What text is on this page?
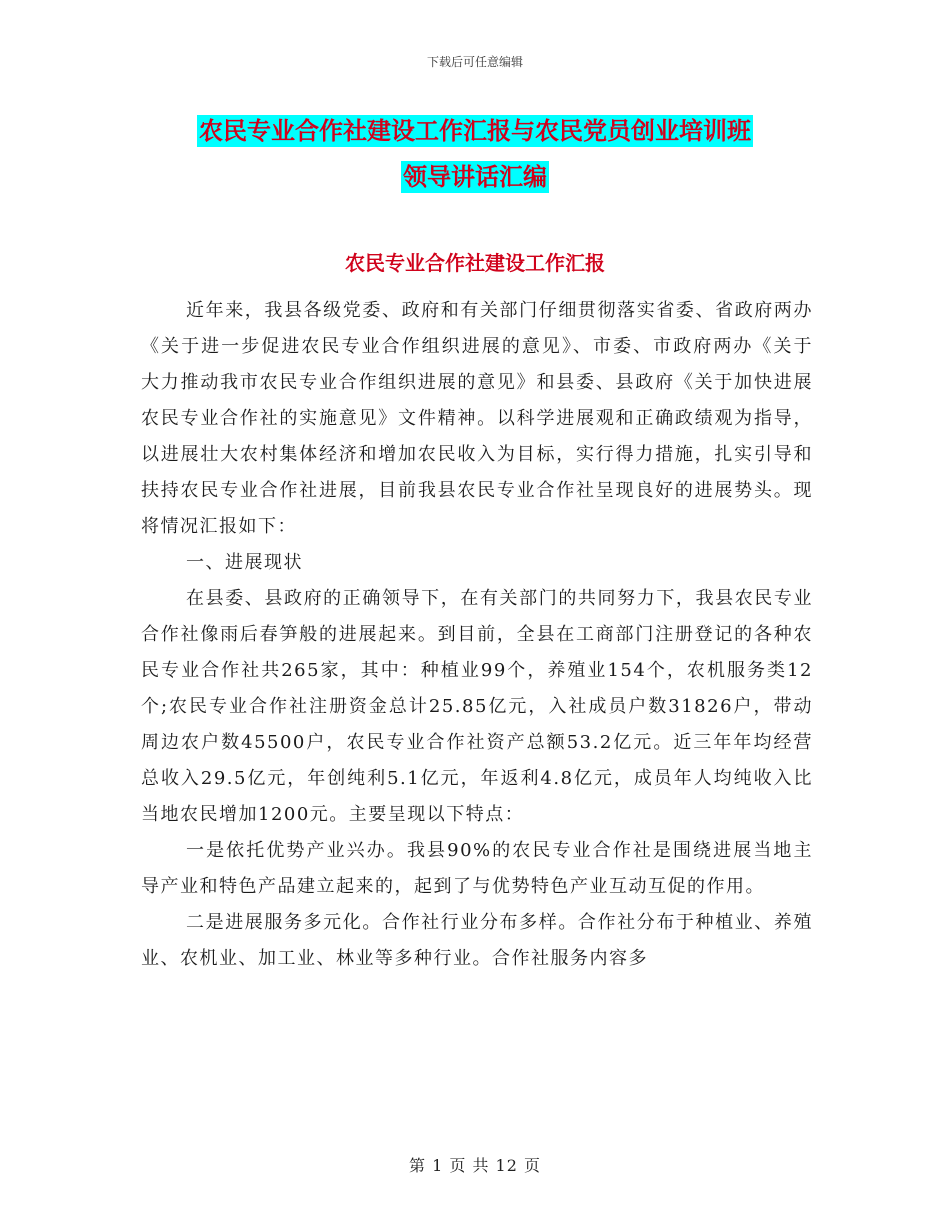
下载后可任意编辑
农民专业合作社建设工作汇报与农民党员创业培训班
领导讲话汇编
农民专业合作社建设工作汇报

近年来，我县各级党委、政府和有关部门仔细贯彻落实省委、省政府两办《关于进一步促进农民专业合作组织进展的意见》、市委、市政府两办《关于大力推动我市农民专业合作组织进展的意见》和县委、县政府《关于加快进展农民专业合作社的实施意见》文件精神。以科学进展观和正确政绩观为指导，以进展壮大农村集体经济和增加农民收入为目标，实行得力措施，扎实引导和扶持农民专业合作社进展，目前我县农民专业合作社呈现良好的进展势头。现将情况汇报如下：

一、进展现状

在县委、县政府的正确领导下，在有关部门的共同努力下，我县农民专业合作社像雨后春笋般的进展起来。到目前，全县在工商部门注册登记的各种农民专业合作社共265家，其中：种植业99个，养殖业154个，农机服务类12个;农民专业合作社注册资金总计25.85亿元，入社成员户数31826户，带动周边农户数45500户，农民专业合作社资产总额53.2亿元。近三年年均经营总收入29.5亿元，年创纯利5.1亿元，年返利4.8亿元，成员年人均纯收入比当地农民增加1200元。主要呈现以下特点：

一是依托优势产业兴办。我县90%的农民专业合作社是围绕进展当地主导产业和特色产品建立起来的，起到了与优势特色产业互动互促的作用。

二是进展服务多元化。合作社行业分布多样。合作社分布于种植业、养殖业、农机业、加工业、林业等多种行业。合作社服务内容多

第 1 页 共 12 页
